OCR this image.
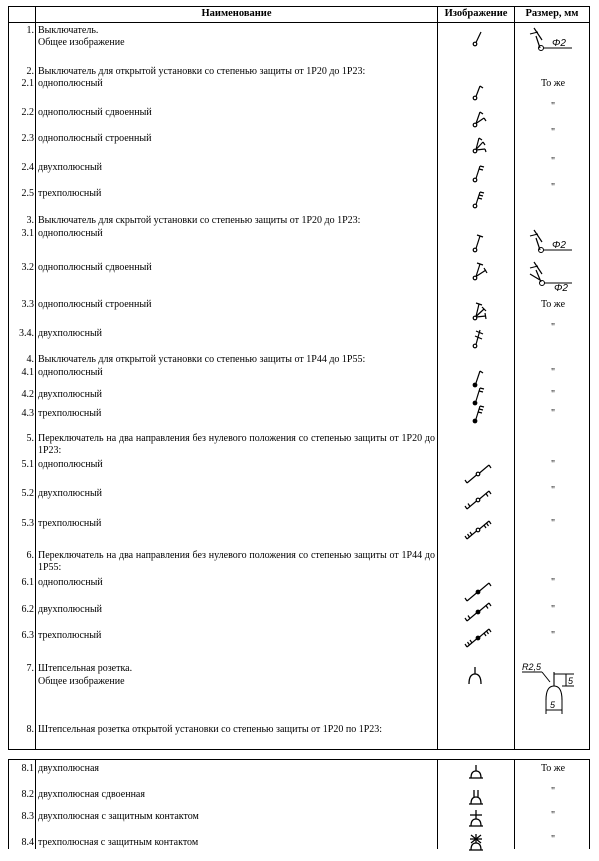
Наименование	Изображение	Размер, мм
1. Выключатель.
Общее изображение	Φ2
2. Выключатель для открытой установки со степенью защиты от 1P20 до 1P23:
2.1 однополюсный	То же
2.2 однополюсный сдвоенный
"
2.3 однополюсный строенный
"
2.4 двухполюсный
"
2.5 трехполюсный
"
3. Выключатель для скрытой установки со степенью защиты от 1P20 до 1P23:
3.1 однополюсный
Φ2
3.2 однополюсный сдвоенный
Φ2
3.3 однополюсный строенный	То же
3.4. двухполюсный
"
4. Выключатель для открытой установки со степенью защиты от 1P44 до 1P55:
4.1 однополюсный	"
4.2 двухполюсный	"
4.3 трехполюсный	"
5. Переключатель на два направления без нулевого положения со степенью защиты от 1P20 до 1P23:
5.1 однополюсный	"
5.2 двухполюсный	"
5.3 трехполюсный	"
6. Переключатель на два направления без нулевого положения со степенью защиты от 1P44 до 1P55:
6.1 однополюсный	"
6.2 двухполюсный	"
6.3 трехполюсный	"
7. Штепсельная розетка.
Общее изображение
R2,5
5
5
8. Штепсельная розетка открытой установки со степенью защиты от 1P20 по 1P23:
8.1 двухполюсная	То же
8.2 двухполюсная сдвоенная	"
8.3 двухполюсная с защитным контактом	"
8.4 трехполюсная с защитным контактом	"
